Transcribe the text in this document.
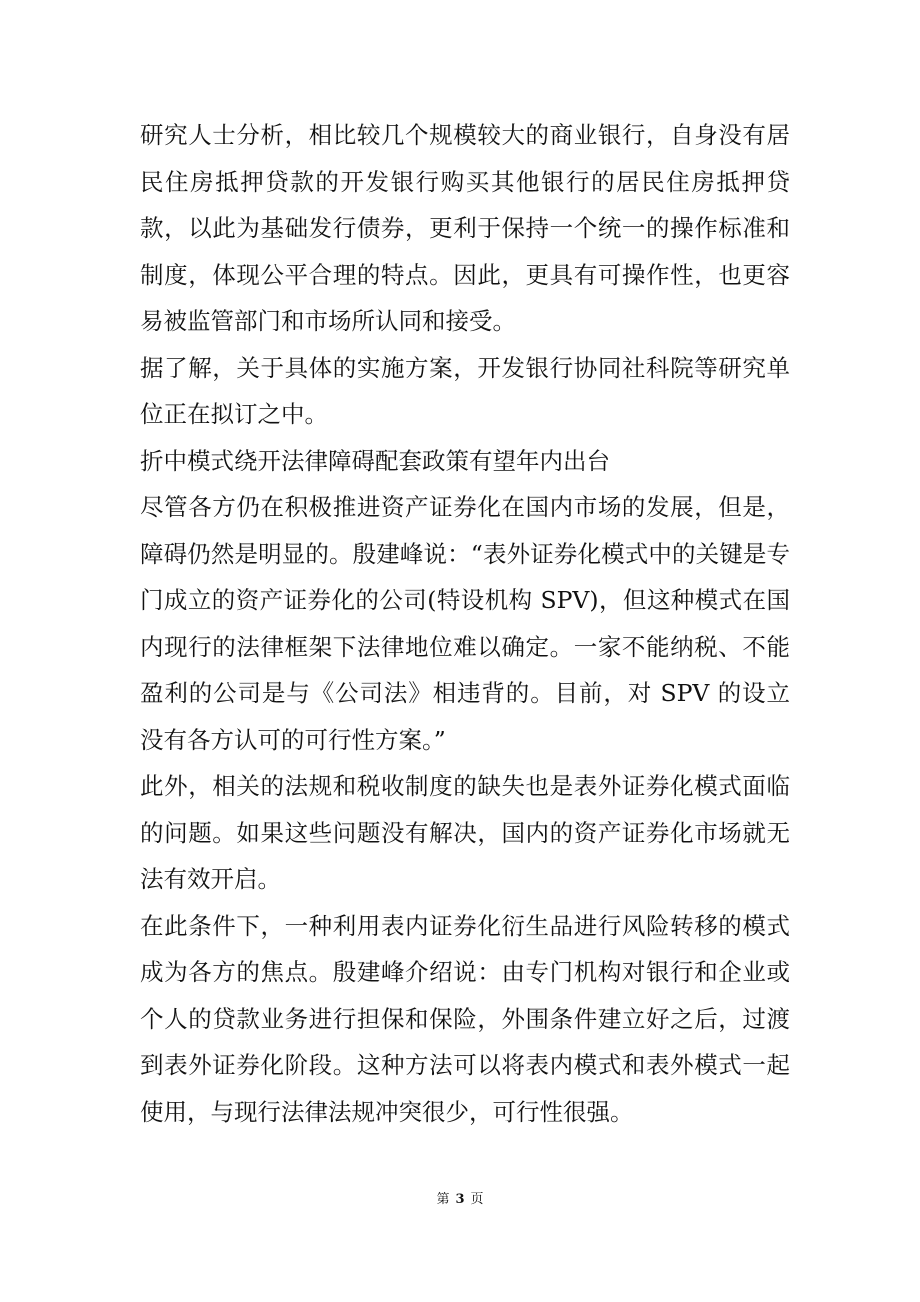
研究人士分析，相比较几个规模较大的商业银行，自身没有居民住房抵押贷款的开发银行购买其他银行的居民住房抵押贷款，以此为基础发行债券，更利于保持一个统一的操作标准和制度，体现公平合理的特点。因此，更具有可操作性，也更容易被监管部门和市场所认同和接受。

据了解，关于具体的实施方案，开发银行协同社科院等研究单位正在拟订之中。

折中模式绕开法律障碍配套政策有望年内出台

尽管各方仍在积极推进资产证券化在国内市场的发展，但是，障碍仍然是明显的。殷建峰说：“表外证券化模式中的关键是专门成立的资产证券化的公司(特设机构 SPV)，但这种模式在国内现行的法律框架下法律地位难以确定。一家不能纳税、不能盈利的公司是与《公司法》相违背的。目前，对 SPV 的设立没有各方认可的可行性方案。”

此外，相关的法规和税收制度的缺失也是表外证券化模式面临的问题。如果这些问题没有解决，国内的资产证券化市场就无法有效开启。

在此条件下，一种利用表内证券化衍生品进行风险转移的模式成为各方的焦点。殷建峰介绍说：由专门机构对银行和企业或个人的贷款业务进行担保和保险，外围条件建立好之后，过渡到表外证券化阶段。这种方法可以将表内模式和表外模式一起使用，与现行法律法规冲突很少，可行性很强。

第 3 页
